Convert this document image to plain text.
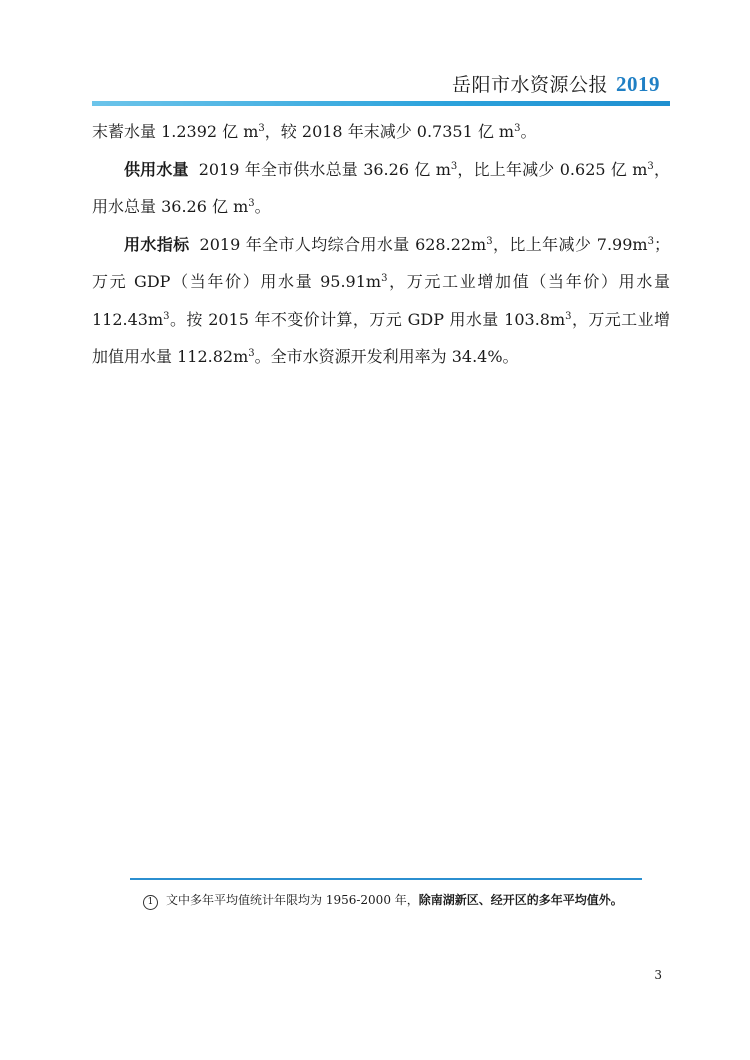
岳阳市水资源公报 2019

末蓄水量 1.2392 亿 $m^3$，较 2018 年末减少 0.7351 亿 $m^3$。

供用水量 2019 年全市供水总量 36.26 亿 $m^3$，比上年减少 0.625 亿 $m^3$，用水总量 36.26 亿 $m^3$。

用水指标 2019 年全市人均综合用水量 $628.22m^3$，比上年减少 $7.99m^3$；万元 GDP（当年价）用水量 $95.91m^3$，万元工业增加值（当年价）用水量 $112.43m^3$。按 2015 年不变价计算，万元 GDP 用水量 $103.8m^3$，万元工业增加值用水量 $112.82m^3$。全市水资源开发利用率为 34.4%。

1 文中多年平均值统计年限均为 1956-2000 年，除南湖新区、经开区的多年平均值外。
3
